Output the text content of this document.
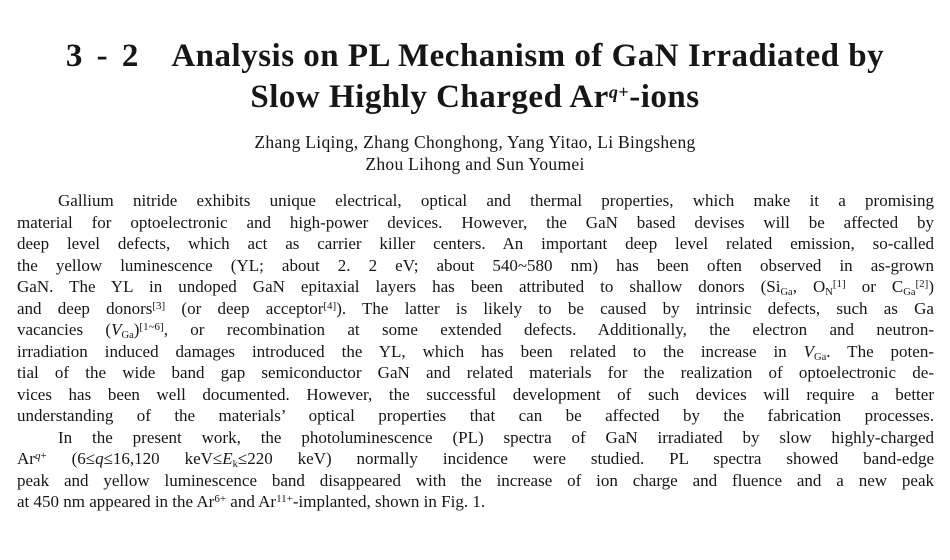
3 - 2 Analysis on PL Mechanism of GaN Irradiated by
Slow Highly Charged $Ar^{q+}$-ions
Zhang Liqing, Zhang Chonghong, Yang Yitao, Li Bingsheng
Zhou Lihong and Sun Youmei

Gallium nitride exhibits unique electrical, optical and thermal properties, which make it a promising
material for optoelectronic and high-power devices. However, the GaN based devises will be affected by
deep level defects, which act as carrier killer centers. An important deep level related emission, so-called
the yellow luminescence (YL; about 2. 2 eV; about 540~580 nm) has been often observed in as-grown
GaN. The YL in undoped GaN epitaxial layers has been attributed to shallow donors ($Si_{Ga}$, $O_N[1]$ or $C_{Ga}[2]$)
and deep donors[3] (or deep acceptor[4]). The latter is likely to be caused by intrinsic defects, such as Ga
vacancies $(V_{Ga})[1\sim 6]$, or recombination at some extended defects. Additionally, the electron and neutron-
irradiation induced damages introduced the YL, which has been related to the increase in $V_{Ga}$. The poten-
tial of the wide band gap semiconductor GaN and related materials for the realization of optoelectronic de-
vices has been well documented. However, the successful development of such devices will require a better
understanding of the materials’ optical properties that can be affected by the fabrication processes.

In the present work, the photoluminescence (PL) spectra of GaN irradiated by slow highly-charged
$Ar^{q+}$ (6≤q≤16,120 $keV\le E_k\le 220$ keV) normally incidence were studied. PL spectra showed band-edge
peak and yellow luminescence band disappeared with the increase of ion charge and fluence and a new peak
at 450 nm appeared in the $Ar^{6+}$ and $Ar^{11+}$-implanted, shown in Fig. 1.
